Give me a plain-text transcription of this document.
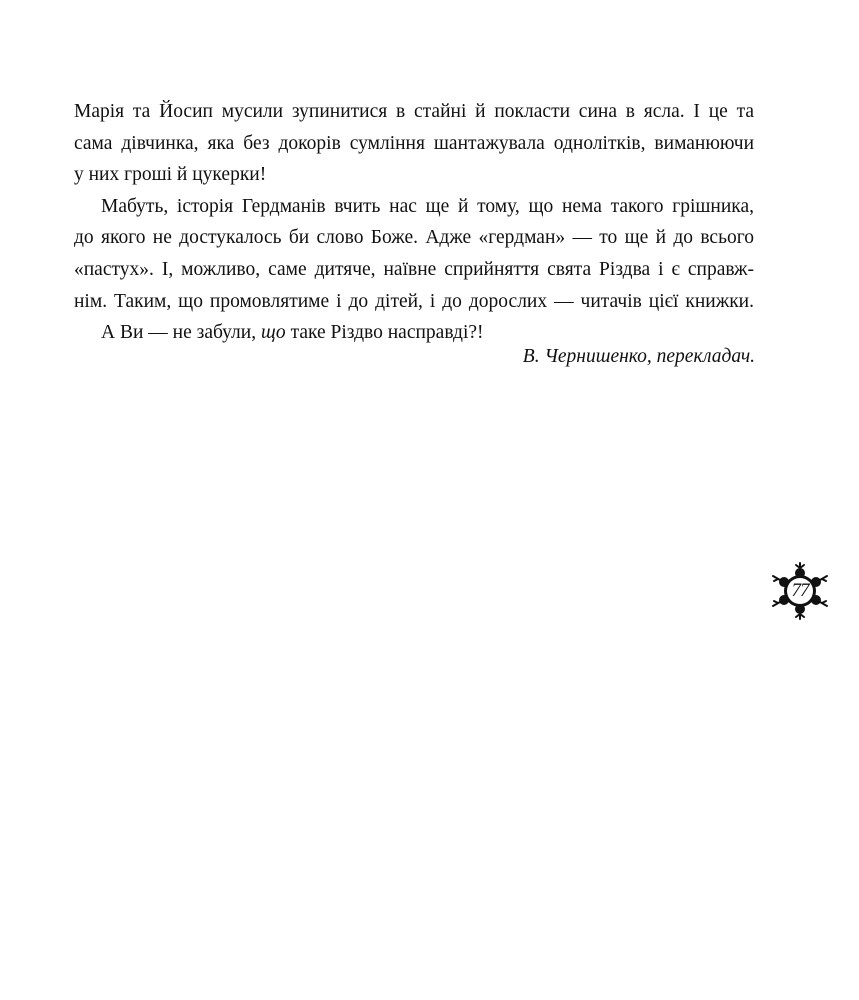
Марія та Йосип мусили зупинитися в стайні й покласти сина в ясла. І це та
сама дівчинка, яка без докорів сумління шантажувала однолітків, виманюючи
у них гроші й цукерки!
Мабуть, історія Гердманів вчить нас ще й тому, що нема такого грішника,
до якого не достукалось би слово Боже. Адже «гердман» — то ще й до всього
«пастух». І, можливо, саме дитяче, наївне сприйняття свята Різдва і є справж-
нім. Таким, що промовлятиме і до дітей, і до дорослих — читачів цієї книжки.
А Ви — не забули, що таке Різдво насправді?!
В. Чернишенко, перекладач.
77
